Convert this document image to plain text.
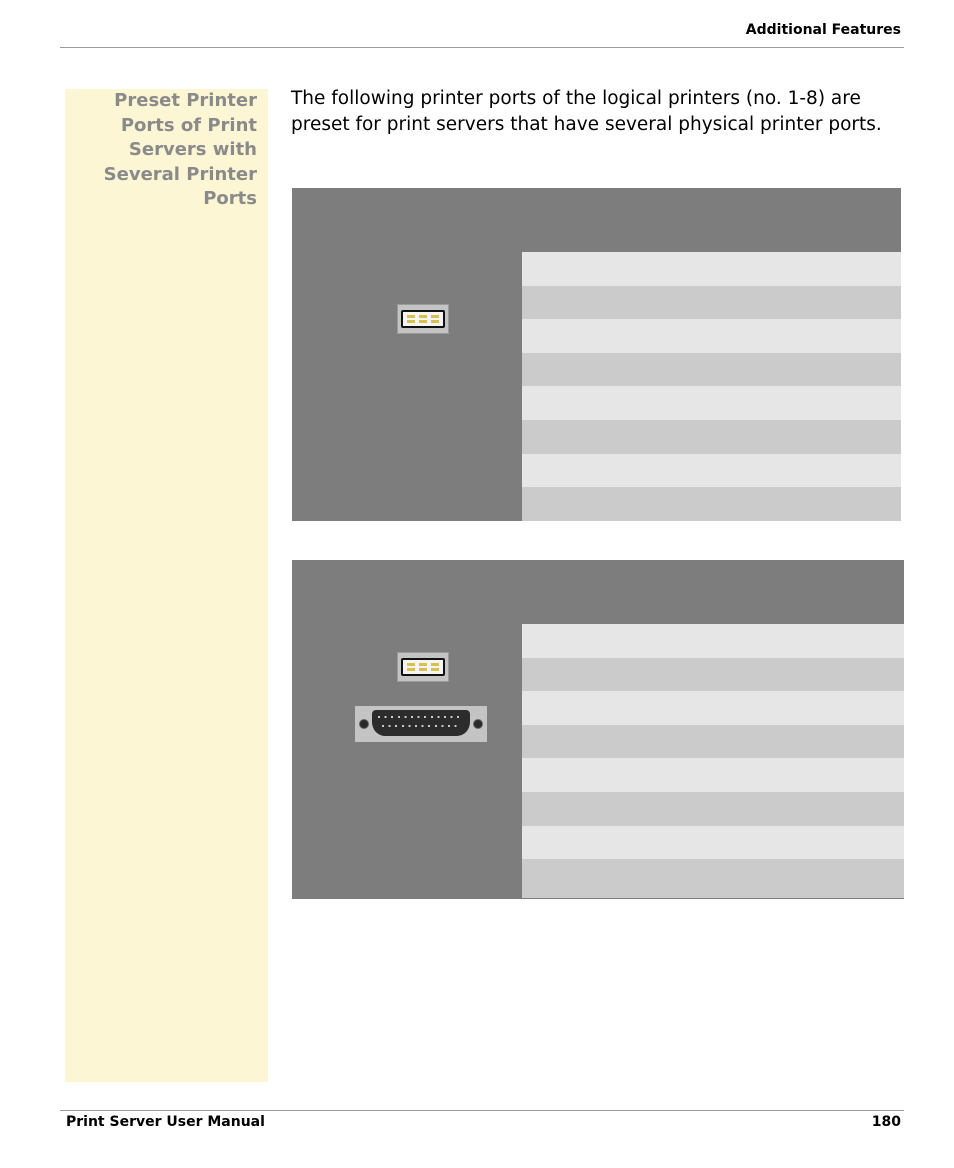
Additional Features
Preset Printer Ports of Print Servers with Several Printer Ports
The following printer ports of the logical printers (no. 1-8) are preset for print servers that have several physical printer ports.
Print Server User Manual	180
